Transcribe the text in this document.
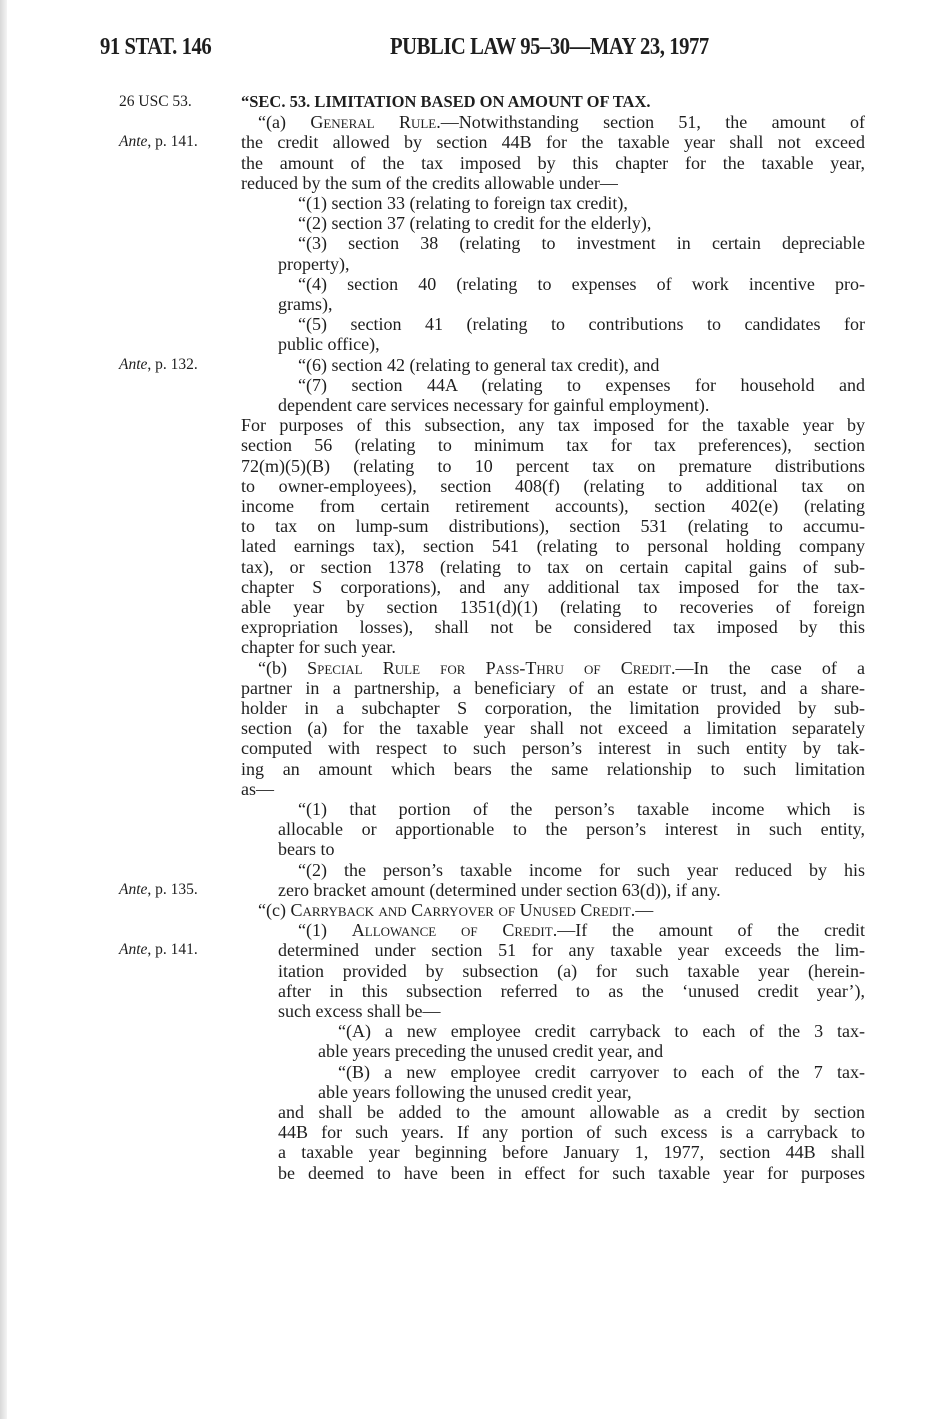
91 STAT. 146	PUBLIC LAW 95–30—MAY 23, 1977
26 USC 53.
Ante, p. 141.
Ante, p. 132.
Ante, p. 135.
Ante, p. 141.
“SEC. 53. LIMITATION BASED ON AMOUNT OF TAX.
“(a) General Rule.—Notwithstanding section 51, the amount of
the credit allowed by section 44B for the taxable year shall not exceed
the amount of the tax imposed by this chapter for the taxable year,
reduced by the sum of the credits allowable under—
“(1) section 33 (relating to foreign tax credit),
“(2) section 37 (relating to credit for the elderly),
“(3) section 38 (relating to investment in certain depreciable
property),
“(4) section 40 (relating to expenses of work incentive pro-
grams),
“(5) section 41 (relating to contributions to candidates for
public office),
“(6) section 42 (relating to general tax credit), and
“(7) section 44A (relating to expenses for household and
dependent care services necessary for gainful employment).
For purposes of this subsection, any tax imposed for the taxable year by
section 56 (relating to minimum tax for tax preferences), section
72(m)(5)(B) (relating to 10 percent tax on premature distributions
to owner-employees), section 408(f) (relating to additional tax on
income from certain retirement accounts), section 402(e) (relating
to tax on lump-sum distributions), section 531 (relating to accumu-
lated earnings tax), section 541 (relating to personal holding company
tax), or section 1378 (relating to tax on certain capital gains of sub-
chapter S corporations), and any additional tax imposed for the tax-
able year by section 1351(d)(1) (relating to recoveries of foreign
expropriation losses), shall not be considered tax imposed by this
chapter for such year.
“(b) Special Rule for Pass-Thru of Credit.—In the case of a
partner in a partnership, a beneficiary of an estate or trust, and a share-
holder in a subchapter S corporation, the limitation provided by sub-
section (a) for the taxable year shall not exceed a limitation separately
computed with respect to such person’s interest in such entity by tak-
ing an amount which bears the same relationship to such limitation
as—
“(1) that portion of the person’s taxable income which is
allocable or apportionable to the person’s interest in such entity,
bears to
“(2) the person’s taxable income for such year reduced by his
zero bracket amount (determined under section 63(d)), if any.
“(c) Carryback and Carryover of Unused Credit.—
“(1) Allowance of Credit.—If the amount of the credit
determined under section 51 for any taxable year exceeds the lim-
itation provided by subsection (a) for such taxable year (herein-
after in this subsection referred to as the ‘unused credit year’),
such excess shall be—
“(A) a new employee credit carryback to each of the 3 tax-
able years preceding the unused credit year, and
“(B) a new employee credit carryover to each of the 7 tax-
able years following the unused credit year,
and shall be added to the amount allowable as a credit by section
44B for such years. If any portion of such excess is a carryback to
a taxable year beginning before January 1, 1977, section 44B shall
be deemed to have been in effect for such taxable year for purposes
